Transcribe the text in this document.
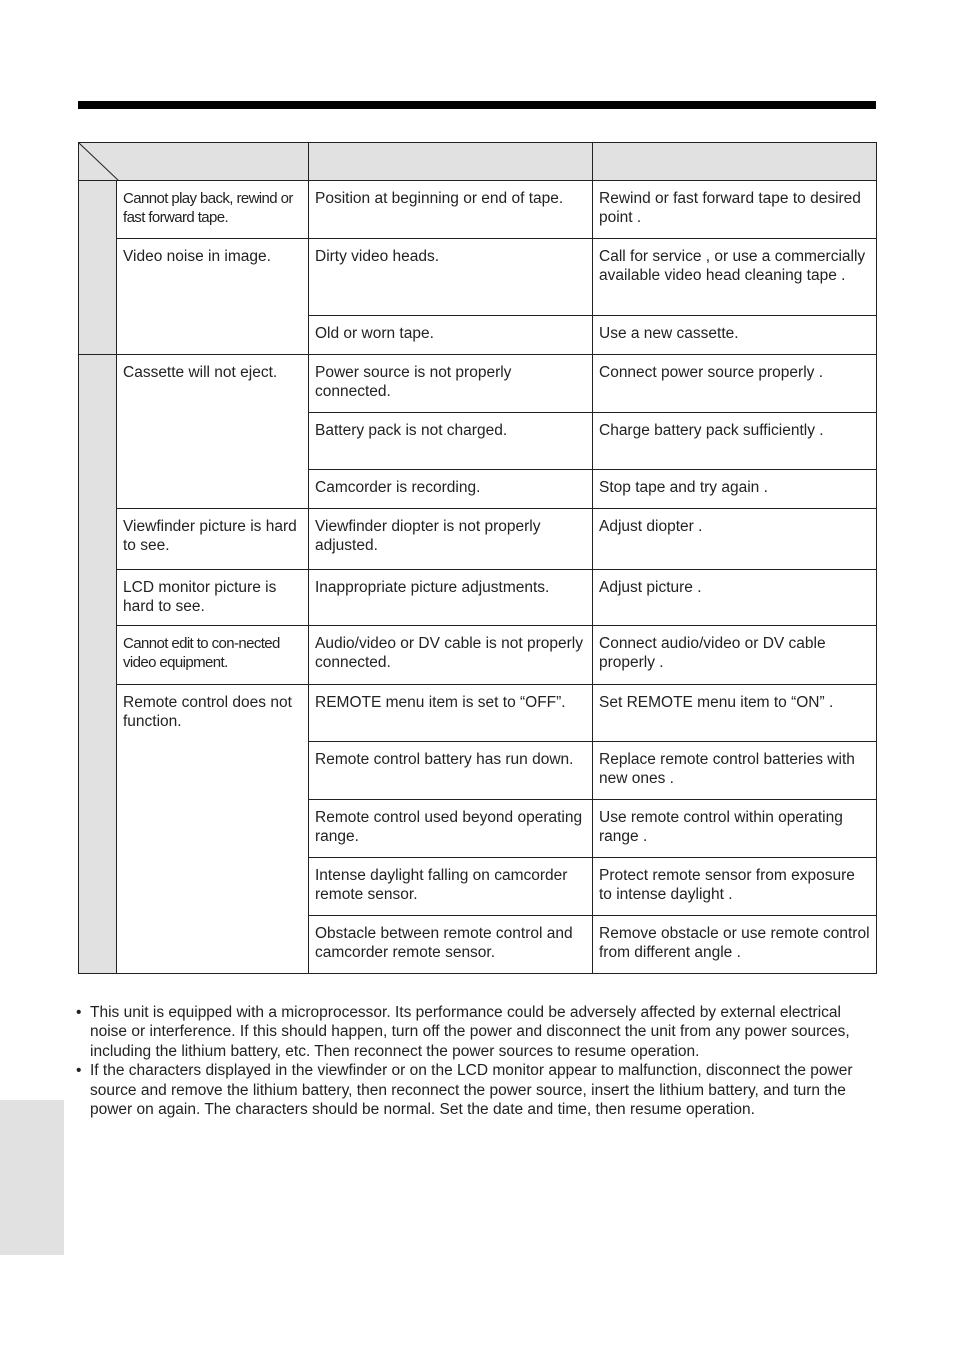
	Cannot play back, rewind or fast forward tape.	Position at beginning or end of tape.	Rewind or fast forward tape to desired point .
	Video noise in image.	Dirty video heads.	Call for service , or use a commercially available video head cleaning tape .
		Old or worn tape.	Use a new cassette.
	Cassette will not eject.	Power source is not properly connected.	Connect power source properly .
		Battery pack is not charged.	Charge battery pack sufficiently .
		Camcorder is recording.	Stop tape and try again .
	Viewfinder picture is hard to see.	Viewfinder diopter is not properly adjusted.	Adjust diopter .
	LCD monitor picture is hard to see.	Inappropriate picture adjustments.	Adjust picture .
	Cannot edit to con-nected video equipment.	Audio/video or DV cable is not properly connected.	Connect audio/video or DV cable properly .
	Remote control does not function.	REMOTE menu item is set to “OFF”.	Set REMOTE menu item to “ON” .
		Remote control battery has run down.	Replace remote control batteries with new ones .
		Remote control used beyond operating range.	Use remote control within operating range .
		Intense daylight falling on camcorder remote sensor.	Protect remote sensor from exposure to intense daylight .
		Obstacle between remote control and camcorder remote sensor.	Remove obstacle or use remote control from different angle .
• This unit is equipped with a microprocessor. Its performance could be adversely affected by external electrical noise or interference. If this should happen, turn off the power and disconnect the unit from any power sources, including the lithium battery, etc. Then reconnect the power sources to resume operation.
• If the characters displayed in the viewfinder or on the LCD monitor appear to malfunction, disconnect the power source and remove the lithium battery, then reconnect the power source, insert the lithium battery, and turn the power on again. The characters should be normal. Set the date and time, then resume operation.
